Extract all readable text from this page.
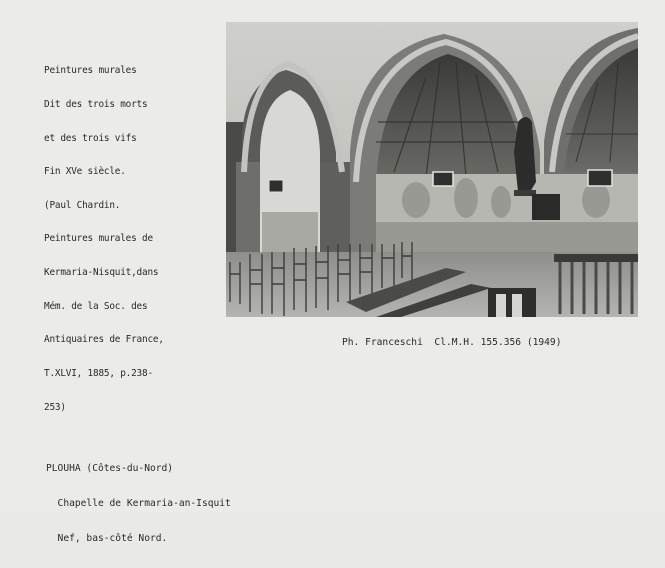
Peintures murales

Dit des trois morts

et des trois vifs

Fin XVe siècle.

(Paul Chardin.

Peintures murales de

Kermaria-Nisquit,dans

Mém. de la Soc. des

Antiquaires de France,

T.XLVI, 1885, p.238-

253)

Ph. Franceschi  Cl.M.H. 155.356 (1949)

PLOUHA (Côtes-du-Nord)

Chapelle de Kermaria-an-Isquit

Nef, bas-côté Nord.
